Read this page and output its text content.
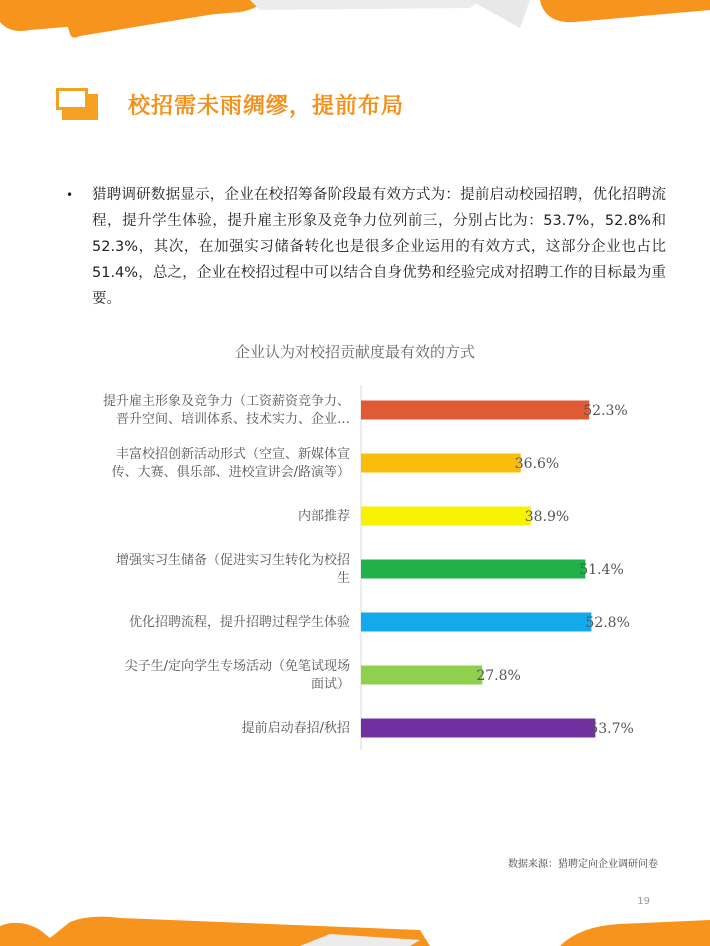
校招需未雨绸缪，提前布局
•	猎聘调研数据显示，企业在校招筹备阶段最有效方式为：提前启动校园招聘，优化招聘流程，提升学生体验，提升雇主形象及竞争力位列前三，分别占比为：53.7%，52.8%和52.3%，其次，在加强实习储备转化也是很多企业运用的有效方式，这部分企业也占比51.4%，总之，企业在校招过程中可以结合自身优势和经验完成对招聘工作的目标最为重要。
企业认为对校招贡献度最有效的方式
52.3%
提升雇主形象及竞争力（工资薪资竞争力、
晋升空间、培训体系、技术实力、企业…
36.6%
丰富校招创新活动形式（空宣、新媒体宣
传、大赛、俱乐部、进校宣讲会/路演等）
38.9%
内部推荐
51.4%
增强实习生储备（促进实习生转化为校招
生
52.8%
优化招聘流程，提升招聘过程学生体验
27.8%
尖子生/定向学生专场活动（免笔试现场
面试）
53.7%
提前启动春招/秋招
数据来源：猎聘定向企业调研问卷
19
